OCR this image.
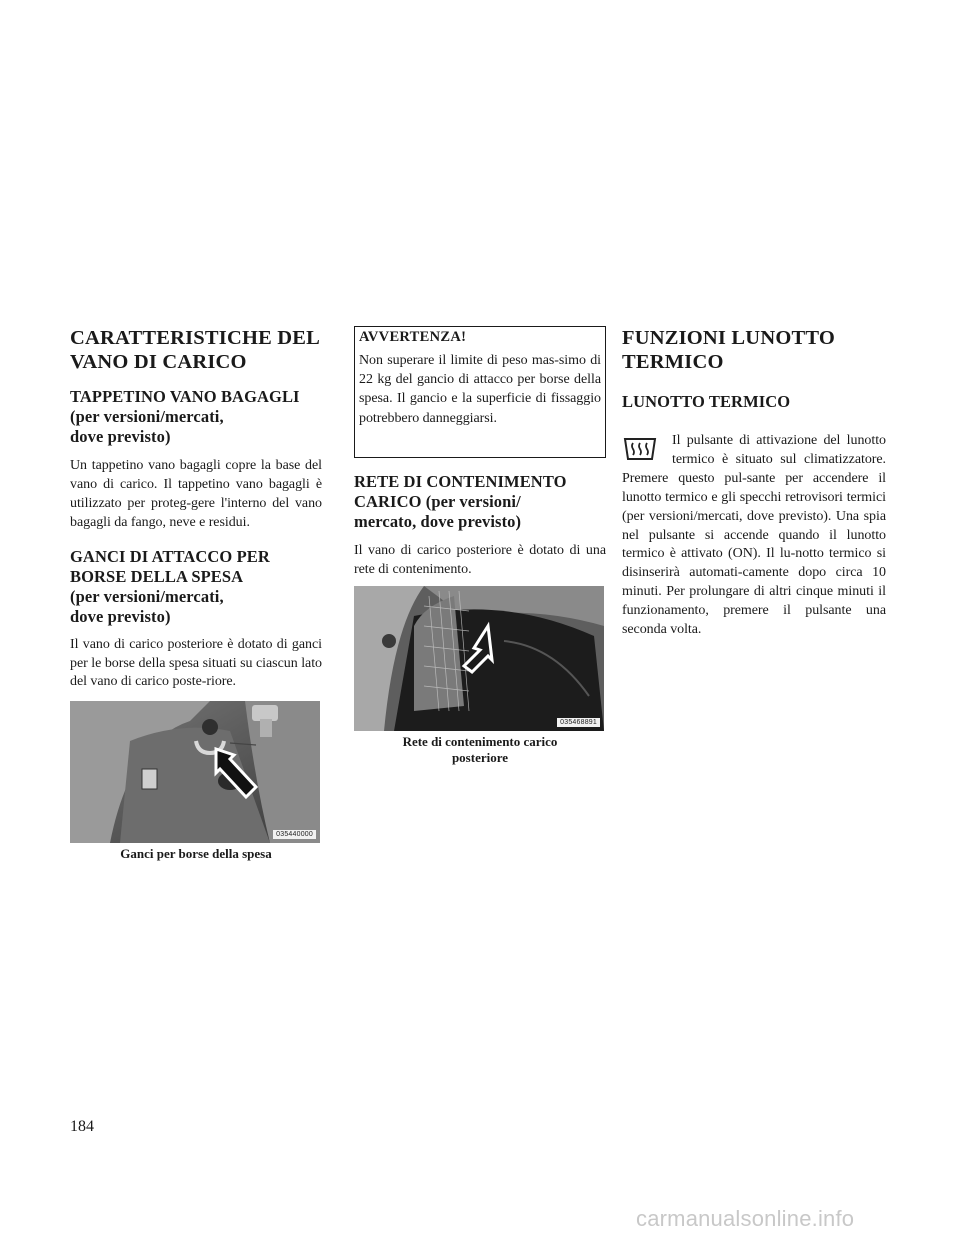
CARATTERISTICHE DEL VANO DI CARICO
TAPPETINO VANO BAGAGLI
(per versioni/mercati,
dove previsto)

Un tappetino vano bagagli copre la base del vano di carico. Il tappetino vano bagagli è utilizzato per proteg-gere l'interno del vano bagagli da fango, neve e residui.

GANCI DI ATTACCO PER
BORSE DELLA SPESA
(per versioni/mercati,
dove previsto)

Il vano di carico posteriore è dotato di ganci per le borse della spesa situati su ciascun lato del vano di carico poste-riore.

035440000
Ganci per borse della spesa
AVVERTENZA!

Non superare il limite di peso mas-simo di 22 kg del gancio di attacco per borse della spesa. Il gancio e la superficie di fissaggio potrebbero danneggiarsi.

RETE DI CONTENIMENTO
CARICO (per versioni/
mercato, dove previsto)

Il vano di carico posteriore è dotato di una rete di contenimento.

035468891
Rete di contenimento carico
posteriore
FUNZIONI LUNOTTO
TERMICO
LUNOTTO TERMICO

Il pulsante di attivazione del lunotto termico è situato sul climatizzatore. Premere questo pul-sante per accendere il lunotto termico e gli specchi retrovisori termici (per versioni/mercati, dove previsto). Una spia nel pulsante si accende quando il lunotto termico è attivato (ON). Il lu-notto termico si disinserirà automati-camente dopo circa 10 minuti. Per prolungare di altri cinque minuti il funzionamento, premere il pulsante una seconda volta.

184
carmanualsonline.info
